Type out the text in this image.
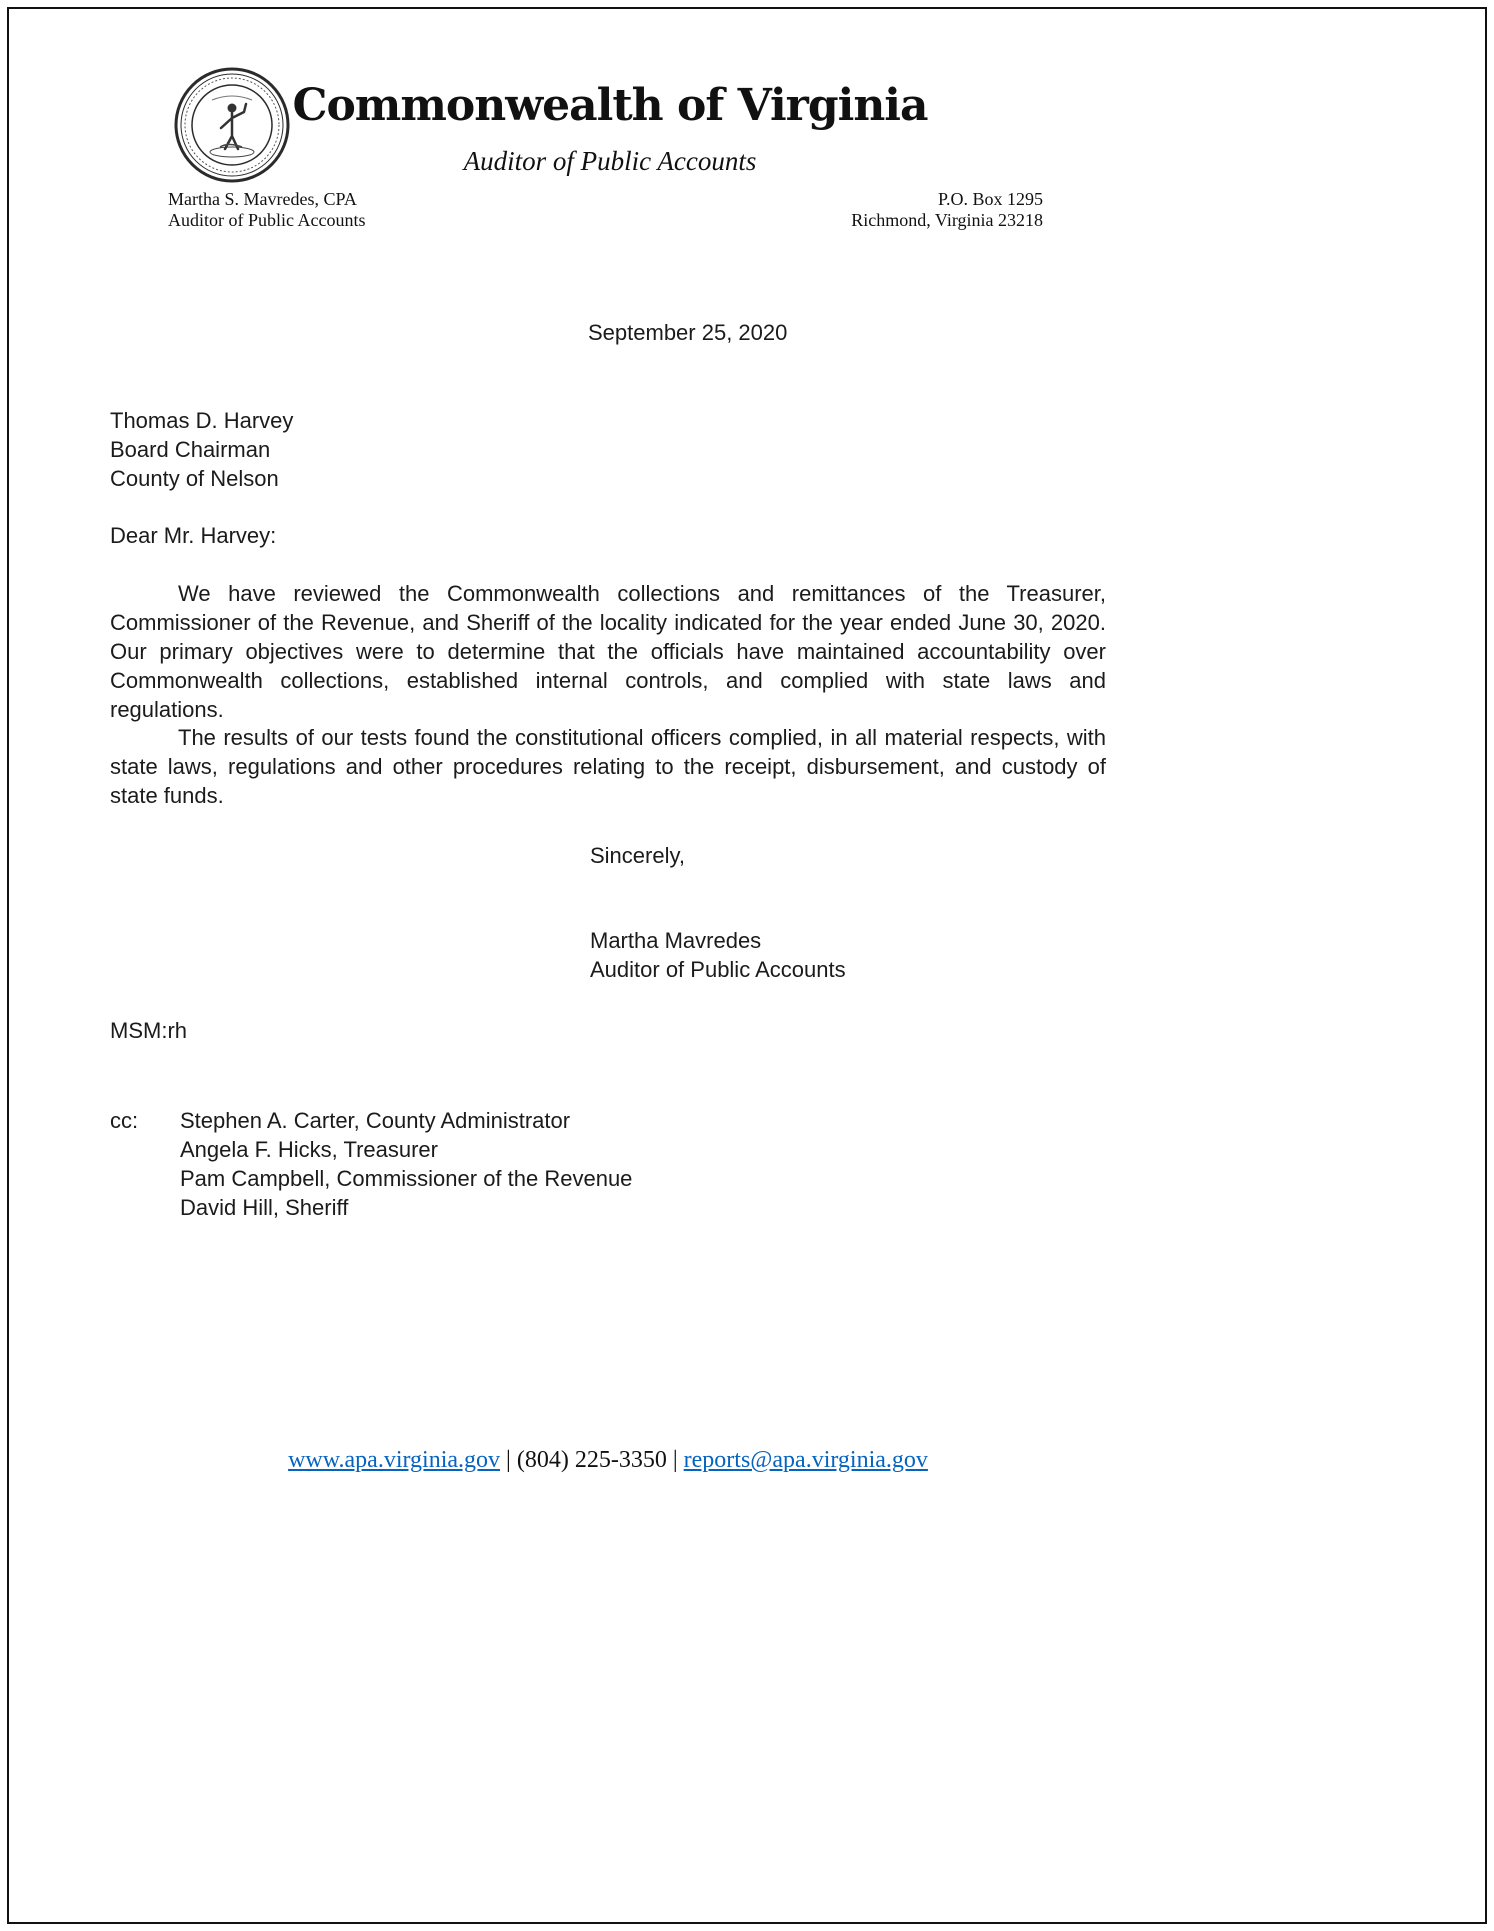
Commonwealth of Virginia
Auditor of Public Accounts
Martha S. Mavredes, CPA
Auditor of Public Accounts
P.O. Box 1295
Richmond, Virginia 23218
September 25, 2020
Thomas D. Harvey
Board Chairman
County of Nelson
Dear Mr. Harvey:
We have reviewed the Commonwealth collections and remittances of the Treasurer, Commissioner of the Revenue, and Sheriff of the locality indicated for the year ended June 30, 2020. Our primary objectives were to determine that the officials have maintained accountability over Commonwealth collections, established internal controls, and complied with state laws and regulations.
The results of our tests found the constitutional officers complied, in all material respects, with state laws, regulations and other procedures relating to the receipt, disbursement, and custody of state funds.
Sincerely,
Martha Mavredes
Auditor of Public Accounts
MSM:rh
cc:	Stephen A. Carter, County Administrator
Angela F. Hicks, Treasurer
Pam Campbell, Commissioner of the Revenue
David Hill, Sheriff
www.apa.virginia.gov | (804) 225-3350 | reports@apa.virginia.gov
